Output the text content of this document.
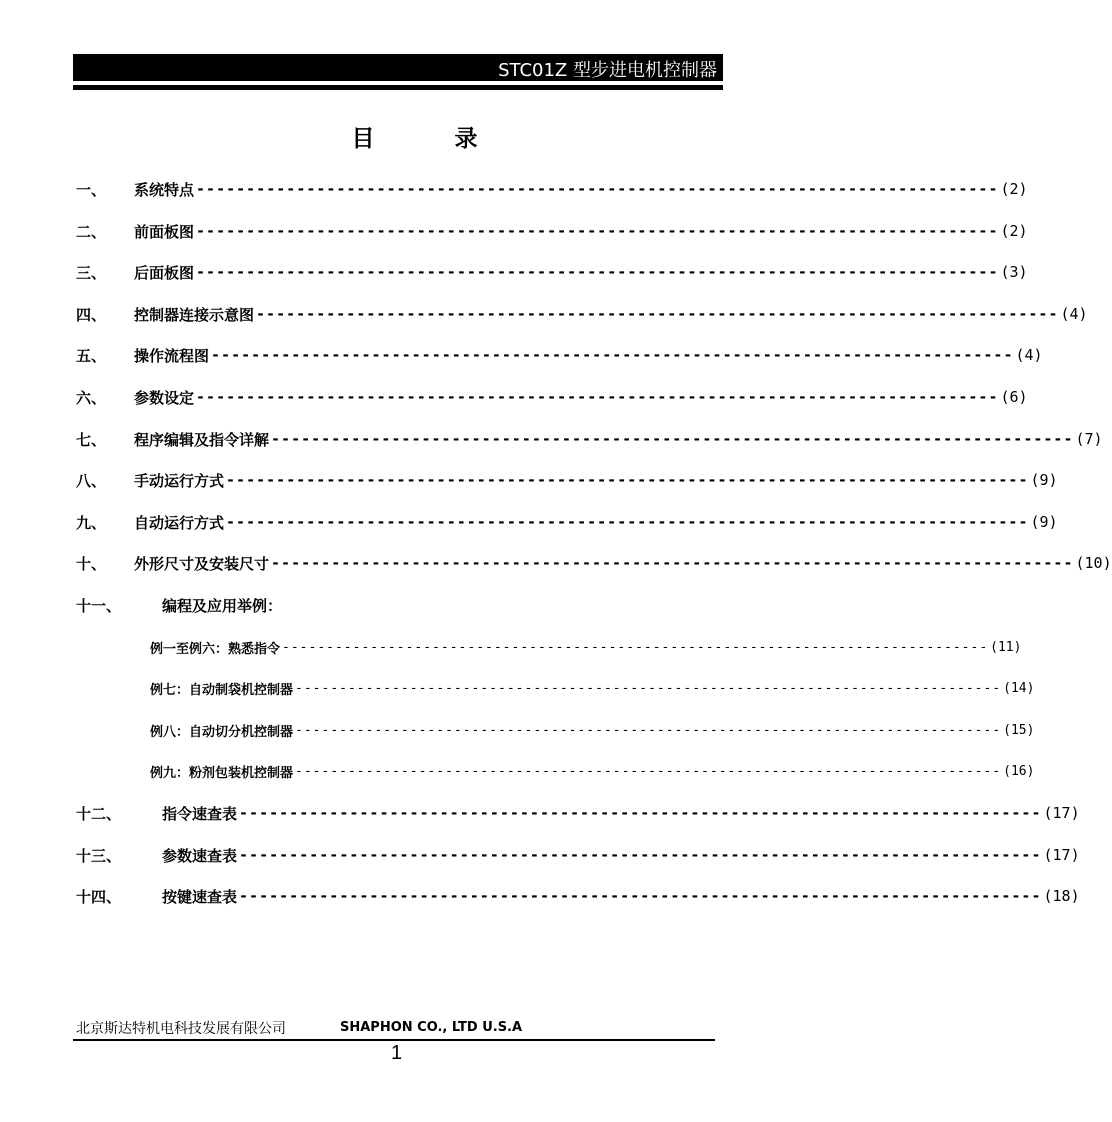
STC01Z 型步进电机控制器
目 录
一、 系统特点 -------------------------------------------------------------------------------- (2)
二、 前面板图 -------------------------------------------------------------------------------- (2)
三、 后面板图 -------------------------------------------------------------------------------- (3)
四、 控制器连接示意图 -------------------------------------------------------------------------------- (4)
五、 操作流程图 -------------------------------------------------------------------------------- (4)
六、 参数设定 -------------------------------------------------------------------------------- (6)
七、 程序编辑及指令详解 -------------------------------------------------------------------------------- (7)
八、 手动运行方式 -------------------------------------------------------------------------------- (9)
九、 自动运行方式 -------------------------------------------------------------------------------- (9)
十、 外形尺寸及安装尺寸 -------------------------------------------------------------------------------- (10)
十一、	编程及应用举例：
例一至例六：熟悉指令 -------------------------------------------------------------------------------- (11)
例七：自动制袋机控制器 -------------------------------------------------------------------------------- (14)
例八：自动切分机控制器 -------------------------------------------------------------------------------- (15)
例九：粉剂包装机控制器 -------------------------------------------------------------------------------- (16)
十二、	指令速查表 -------------------------------------------------------------------------------- (17)
十三、	参数速查表 -------------------------------------------------------------------------------- (17)
十四、	按键速查表 -------------------------------------------------------------------------------- (18)
北京斯达特机电科技发展有限公司	SHAPHON CO., LTD U.S.A
1
